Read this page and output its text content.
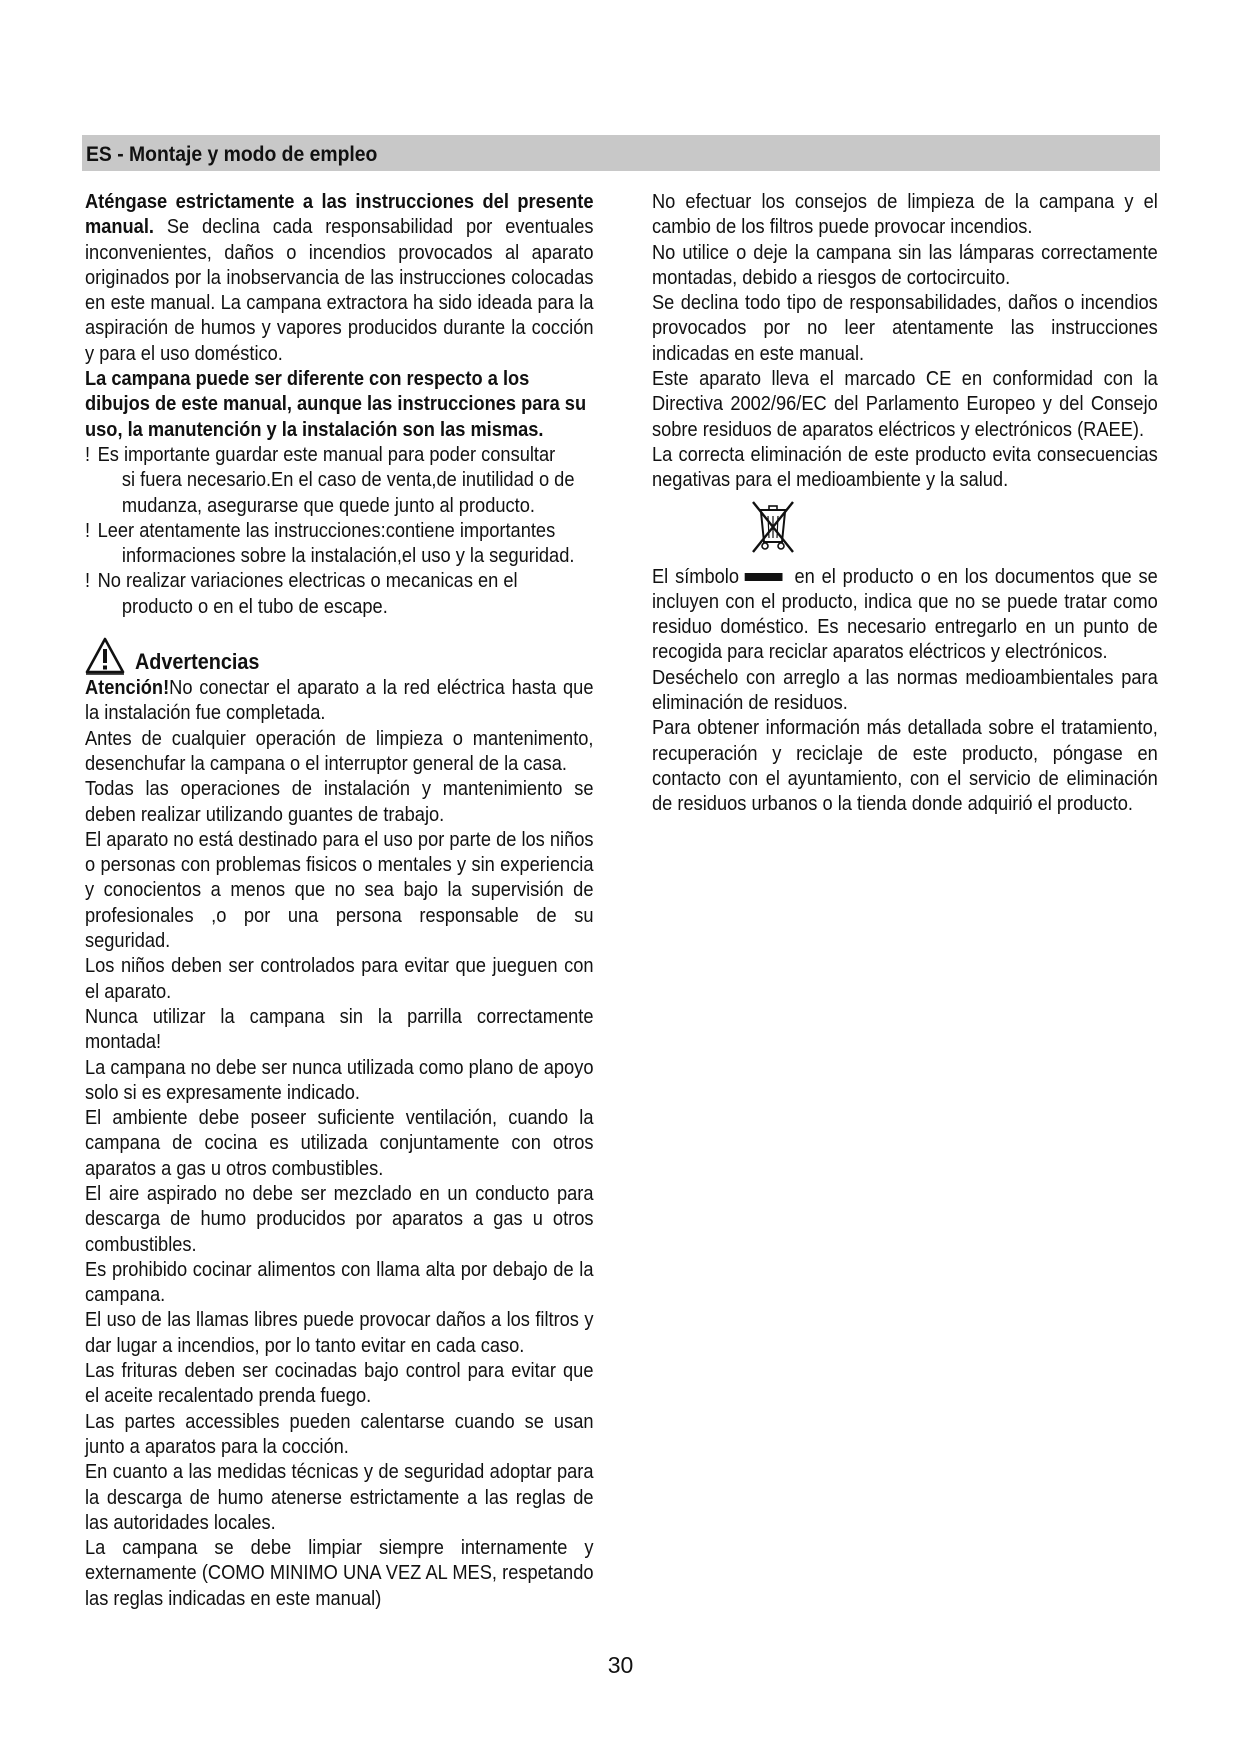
ES - Montaje y modo de empleo

Aténgase estrictamente a las instrucciones del presente manual. Se declina cada responsabilidad por eventuales inconvenientes, daños o incendios provocados al aparato originados por la inobservancia de las instrucciones colocadas en este manual. La campana extractora ha sido ideada para la aspiración de humos y vapores producidos durante la cocción y para el uso doméstico.

La campana puede ser diferente con respecto a los dibujos de este manual, aunque las instrucciones para su uso, la manutención y la instalación son las mismas.

! Es importante guardar este manual para poder consultar
si fuera necesario.En el caso de venta,de inutilidad o de mudanza, asegurarse que quede junto al producto.
! Leer atentamente las instrucciones:contiene importantes
informaciones sobre la instalación,el uso y la seguridad.
! No realizar variaciones electricas o mecanicas en el
producto o en el tubo de escape.
Advertencias

Atención!No conectar el aparato a la red eléctrica hasta que la instalación fue completada.

Antes de cualquier operación de limpieza o mantenimento, desenchufar la campana o el interruptor general de la casa.

Todas las operaciones de instalación y mantenimiento se deben realizar utilizando guantes de trabajo.

El aparato no está destinado para el uso por parte de los niños o personas con problemas fisicos o mentales y sin experiencia y conocientos a menos que no sea bajo la supervisión de profesionales ,o por una persona responsable de su seguridad.

Los niños deben ser controlados para evitar que jueguen con el aparato.

Nunca utilizar la campana sin la parrilla correctamente montada!

La campana no debe ser nunca utilizada como plano de apoyo solo si es expresamente indicado.

El ambiente debe poseer suficiente ventilación, cuando la campana de cocina es utilizada conjuntamente con otros aparatos a gas u otros combustibles.

El aire aspirado no debe ser mezclado en un conducto para descarga de humo producidos por aparatos a gas u otros combustibles.

Es prohibido cocinar alimentos con llama alta por debajo de la campana.

El uso de las llamas libres puede provocar daños a los filtros y dar lugar a incendios, por lo tanto evitar en cada caso.

Las frituras deben ser cocinadas bajo control para evitar que el aceite recalentado prenda fuego.

Las partes accessibles pueden calentarse cuando se usan junto a aparatos para la cocción.

En cuanto a las medidas técnicas y de seguridad adoptar para la descarga de humo atenerse estrictamente a las reglas de las autoridades locales.

La campana se debe limpiar siempre internamente y externamente (COMO MINIMO UNA VEZ AL MES, respetando las reglas indicadas en este manual)

No efectuar los consejos de limpieza de la campana y el cambio de los filtros puede provocar incendios.

No utilice o deje la campana sin las lámparas correctamente montadas, debido a riesgos de cortocircuito.

Se declina todo tipo de responsabilidades, daños o incendios provocados por no leer atentamente las instrucciones indicadas en este manual.

Este aparato lleva el marcado CE en conformidad con la Directiva 2002/96/EC del Parlamento Europeo y del Consejo sobre residuos de aparatos eléctricos y electrónicos (RAEE).

La correcta eliminación de este producto evita consecuencias negativas para el medioambiente y la salud.

El símbolo en el producto o en los documentos que se incluyen con el producto, indica que no se puede tratar como residuo doméstico. Es necesario entregarlo en un punto de recogida para reciclar aparatos eléctricos y electrónicos.

Deséchelo con arreglo a las normas medioambientales para eliminación de residuos.

Para obtener información más detallada sobre el tratamiento, recuperación y reciclaje de este producto, póngase en contacto con el ayuntamiento, con el servicio de eliminación de residuos urbanos o la tienda donde adquirió el producto.

30
